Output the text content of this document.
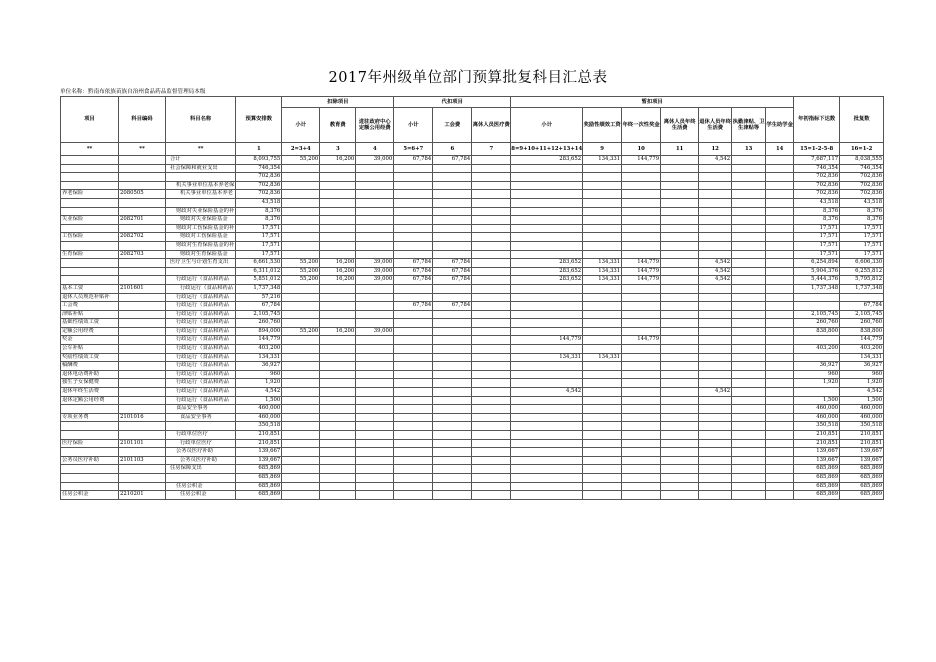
2017年州级单位部门预算批复科目汇总表
单位名称：黔南布依族苗族自治州食品药品监督管理局本级
项目	科目编码	科目名称	预算安排数	扣除项目			代扣项目			暂扣项目							年初指标下达数	批复数
				小计	教育费	进驻政府中心定额公用经费	小计	工会费	离休人员医疗费	小计	奖励性绩效工资	年终一次性奖金	离休人员年终生活费	退休人员年终生活费	执勤津贴、卫生津贴等	学生助学金		
**	**	**	1	2=3+4	3	4	5=6+7	6	7	8=9+10+11+12+13+14	9	10	11	12	13	14	15=1-2-5-8	16=1-2
		合计	8,093,755	55,200	16,200	39,000	67,784	67,784		283,652	134,331	144,779		4,542			7,687,117	8,038,555
		社会保障和就业支出	746,354														746,354	746,354
			702,836														702,836	702,836
		机关事业单位基本养老保	702,836														702,836	702,836
养老保险	2080505	机关事业单位基本养老	702,836														702,836	702,836
			43,518														43,518	43,518
		财政对失业保险基金的补	8,376														8,376	8,376
失业保险	2082701	财政对失业保险基金	8,376														8,376	8,376
		财政对工伤保险基金的补	17,571														17,571	17,571
工伤保险	2082702	财政对工伤保险基金	17,571														17,571	17,571
		财政对生育保险基金的补	17,571														17,571	17,571
生育保险	2082703	财政对生育保险基金	17,571														17,571	17,571
		医疗卫生与计划生育支出	6,661,530	55,200	16,200	39,000	67,784	67,784		283,652	134,331	144,779		4,542			6,254,894	6,606,330
			6,311,012	55,200	16,200	39,000	67,784	67,784		283,652	134,331	144,779		4,542			5,904,376	6,255,812
		行政运行（食品和药品	5,851,012	55,200	16,200	39,000	67,784	67,784		283,652	134,331	144,779		4,542			5,444,376	5,795,812
基本工资	2101601	行政运行（食品和药品	1,737,348														1,737,348	1,737,348
退休人员规范补贴补		行政运行（食品和药品	57,216															
工会费		行政运行（食品和药品	67,784				67,784	67,784										67,784
津贴补贴		行政运行（食品和药品	2,105,745														2,105,745	2,105,745
基础性绩效工资		行政运行（食品和药品	260,760														260,760	260,760
定额公用经费		行政运行（食品和药品	894,000	55,200	16,200	39,000											838,800	838,800
奖金		行政运行（食品和药品	144,779							144,779		144,779						144,779
公车补贴		行政运行（食品和药品	403,200														403,200	403,200
奖励性绩效工资		行政运行（食品和药品	134,331							134,331	134,331							134,331
稿酬费		行政运行（食品和药品	36,927														36,927	36,927
退休电话费补助		行政运行（食品和药品	960														960	960
独生子女保健费		行政运行（食品和药品	1,920														1,920	1,920
退休年终生活费		行政运行（食品和药品	4,542							4,542				4,542				4,542
退休定额公用经费		行政运行（食品和药品	1,500														1,500	1,500
		食品安全事务	460,000														460,000	460,000
专项业务费	2101016	食品安全事务	460,000														460,000	460,000
			350,518														350,518	350,518
		行政单位医疗	210,851														210,851	210,851
医疗保险	2101101	行政单位医疗	210,851														210,851	210,851
		公务员医疗补助	139,667														139,667	139,667
公务员医疗补助	2101103	公务员医疗补助	139,667														139,667	139,667
		住房保障支出	685,869														685,869	685,869
			685,869														685,869	685,869
		住房公积金	685,869														685,869	685,869
住房公积金	2210201	住房公积金	685,869														685,869	685,869
